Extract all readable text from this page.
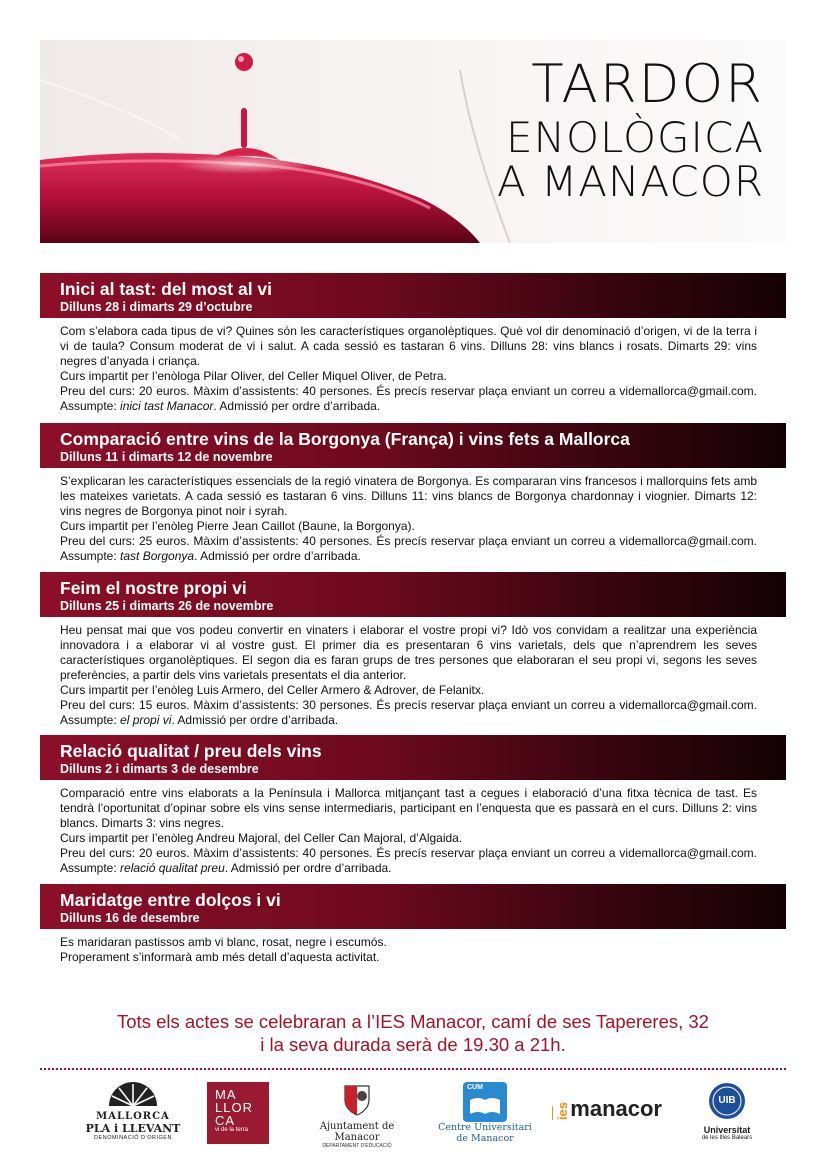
TARDOR
ENOLÒGICA
A MANACOR
Inici al tast: del most al vi
Dilluns 28 i dimarts 29 d’octubre

Com s’elabora cada tipus de vi? Quines són les característiques organolèptiques. Què vol dir denominació d’origen, vi de la terra i vi de taula? Consum moderat de vi i salut. A cada sessió es tastaran 6 vins. Dilluns 28: vins blancs i rosats. Dimarts 29: vins negres d’anyada i criança.

Curs impartit per l’enòloga Pilar Oliver, del Celler Miquel Oliver, de Petra.

Preu del curs: 20 euros. Màxim d’assistents: 40 persones. És precís reservar plaça enviant un correu a videmallorca@gmail.com. Assumpte: inici tast Manacor. Admissió per ordre d’arribada.

Comparació entre vins de la Borgonya (França) i vins fets a Mallorca
Dilluns 11 i dimarts 12 de novembre

S’explicaran les característiques essencials de la regió vinatera de Borgonya. Es compararan vins francesos i mallorquins fets amb les mateixes varietats. A cada sessió es tastaran 6 vins. Dilluns 11: vins blancs de Borgonya chardonnay i viognier. Dimarts 12: vins negres de Borgonya pinot noir i syrah.

Curs impartit per l’enòleg Pierre Jean Caillot (Baune, la Borgonya).

Preu del curs: 25 euros. Màxim d’assistents: 40 persones. És precís reservar plaça enviant un correu a videmallorca@gmail.com. Assumpte: tast Borgonya. Admissió per ordre d’arribada.

Feim el nostre propi vi
Dilluns 25 i dimarts 26 de novembre

Heu pensat mai que vos podeu convertir en vinaters i elaborar el vostre propi vi? Idò vos convidam a realitzar una experiència innovadora i a elaborar vi al vostre gust. El primer dia es presentaran 6 vins varietals, dels que n’aprendrem les seves característiques organolèptiques. El segon dia es faran grups de tres persones que elaboraran el seu propi vi, segons les seves preferències, a partir dels vins varietals presentats el dia anterior.

Curs impartit per l’enòleg Luis Armero, del Celler Armero & Adrover, de Felanitx.

Preu del curs: 15 euros. Màxim d’assistents: 30 persones. És precís reservar plaça enviant un correu a videmallorca@gmail.com. Assumpte: el propi vi. Admissió per ordre d’arribada.

Relació qualitat / preu dels vins
Dilluns 2 i dimarts 3 de desembre

Comparació entre vins elaborats a la Península i Mallorca mitjançant tast a cegues i elaboració d’una fitxa tècnica de tast. Es tendrà l’oportunitat d’opinar sobre els vins sense intermediaris, participant en l’enquesta que es passarà en el curs. Dilluns 2: vins blancs. Dimarts 3: vins negres.

Curs impartit per l’enòleg Andreu Majoral, del Celler Can Majoral, d’Algaida.

Preu del curs: 20 euros. Màxim d’assistents: 40 persones. És precís reservar plaça enviant un correu a videmallorca@gmail.com. Assumpte: relació qualitat preu. Admissió per ordre d’arribada.

Maridatge entre dolços i vi
Dilluns 16 de desembre

Es maridaran pastissos amb vi blanc, rosat, negre i escumós.

Properament s’informarà amb més detall d’aquesta activitat.

Tots els actes se celebraran a l’IES Manacor, camí de ses Tapereres, 32
i la seva durada serà de 19.30 a 21h.
MALLORCA
PLA i LLEVANT
DENOMINACIÓ D’ORIGEN
MA
LLOR
CA
vi de la terra	Ajuntament de Manacor
DEPARTAMENT D’EDUCACIÓ
CUM
Centre Universitari
de Manacor
ies manacor	UIB
Universitat
de les Illes Balears
